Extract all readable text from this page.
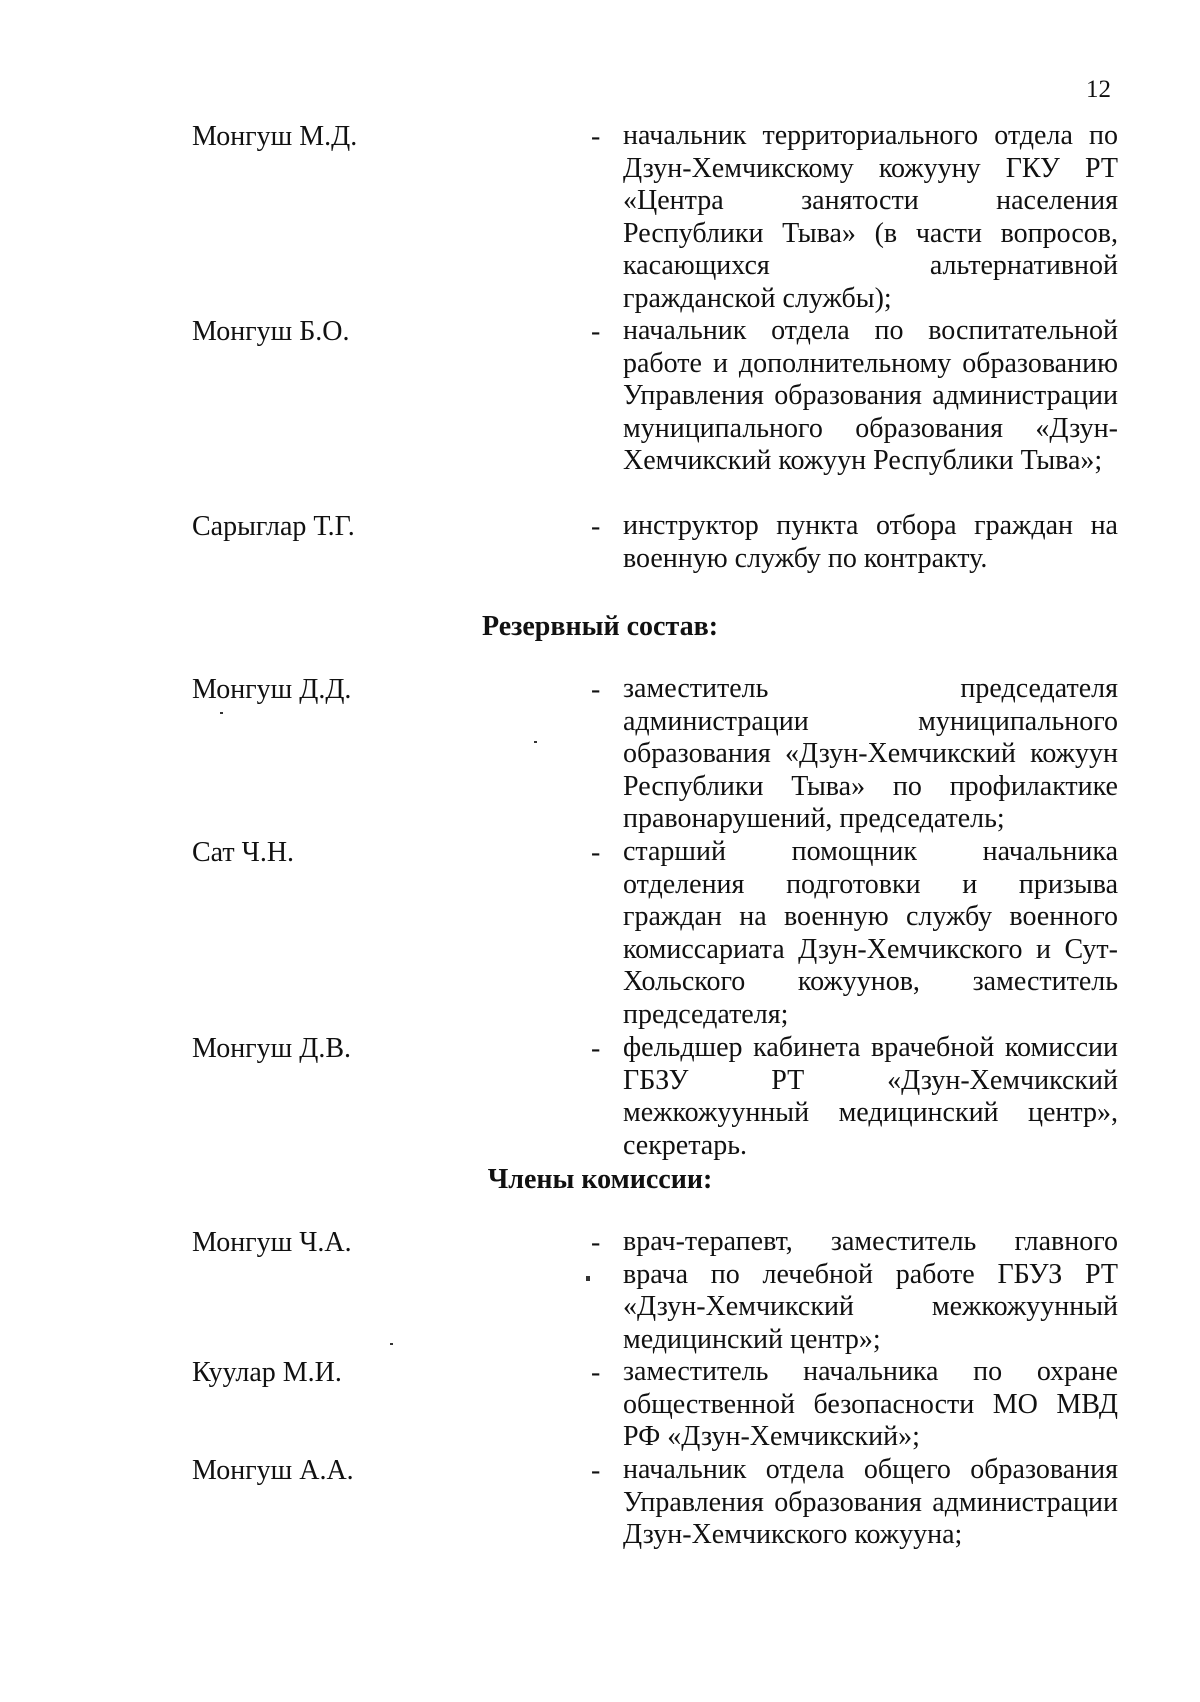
12
Монгуш М.Д.	- начальник территориального отдела по Дзун-Хемчикскому кожууну ГКУ РТ «Центра занятости населения Республики Тыва» (в части вопросов, касающихся альтернативной гражданской службы);
Монгуш Б.О.	- начальник отдела по воспитательной работе и дополнительному образованию Управления образования администрации муниципального образования «Дзун-Хемчикский кожуун Республики Тыва»;
Сарыглар Т.Г.	- инструктор пункта отбора граждан на военную службу по контракту.
Резервный состав:
Монгуш Д.Д.	- заместитель председателя администрации муниципального образования «Дзун-Хемчикский кожуун Республики Тыва» по профилактике правонарушений, председатель;
Сат Ч.Н.	- старший помощник начальника отделения подготовки и призыва граждан на военную службу военного комиссариата Дзун-Хемчикского и Сут-Хольского кожуунов, заместитель председателя;
Монгуш Д.В.	- фельдшер кабинета врачебной комиссии ГБЗУ РТ «Дзун-Хемчикский межкожуунный медицинский центр», секретарь.
Члены комиссии:
Монгуш Ч.А.	- врач-терапевт, заместитель главного врача по лечебной работе ГБУЗ РТ «Дзун-Хемчикский межкожуунный медицинский центр»;
Куулар М.И.	- заместитель начальника по охране общественной безопасности МО МВД РФ «Дзун-Хемчикский»;
Монгуш А.А.	- начальник отдела общего образования Управления образования администрации Дзун-Хемчикского кожууна;
